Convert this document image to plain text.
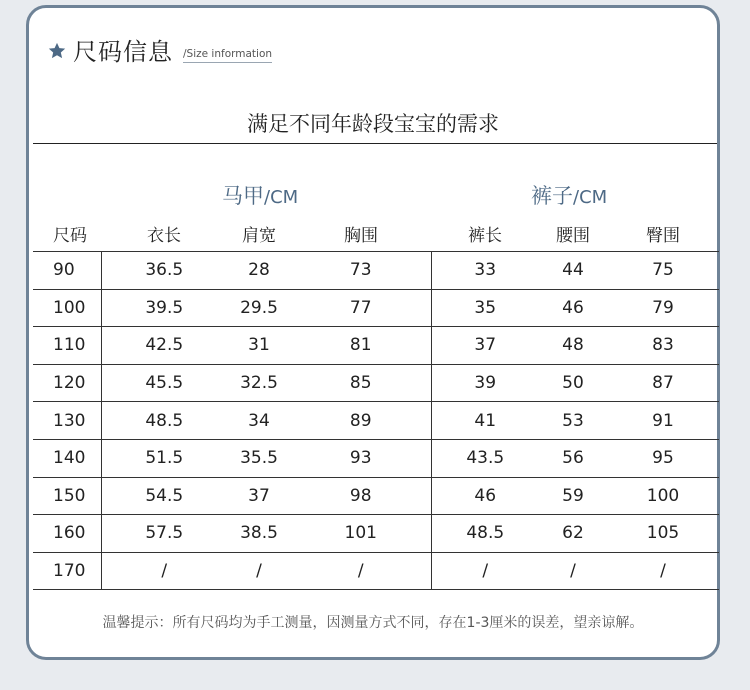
尺码信息 /Size information
满足不同年龄段宝宝的需求
马甲/CM	裤子/CM
尺码	衣长	肩宽	胸围	裤长	腰围	臀围
90	36.5	28	73	33	44	75
100	39.5	29.5	77	35	46	79
110	42.5	31	81	37	48	83
120	45.5	32.5	85	39	50	87
130	48.5	34	89	41	53	91
140	51.5	35.5	93	43.5	56	95
150	54.5	37	98	46	59	100
160	57.5	38.5	101	48.5	62	105
170	/	/	/	/	/	/
温馨提示：所有尺码均为手工测量，因测量方式不同，存在1-3厘米的误差，望亲谅解。
